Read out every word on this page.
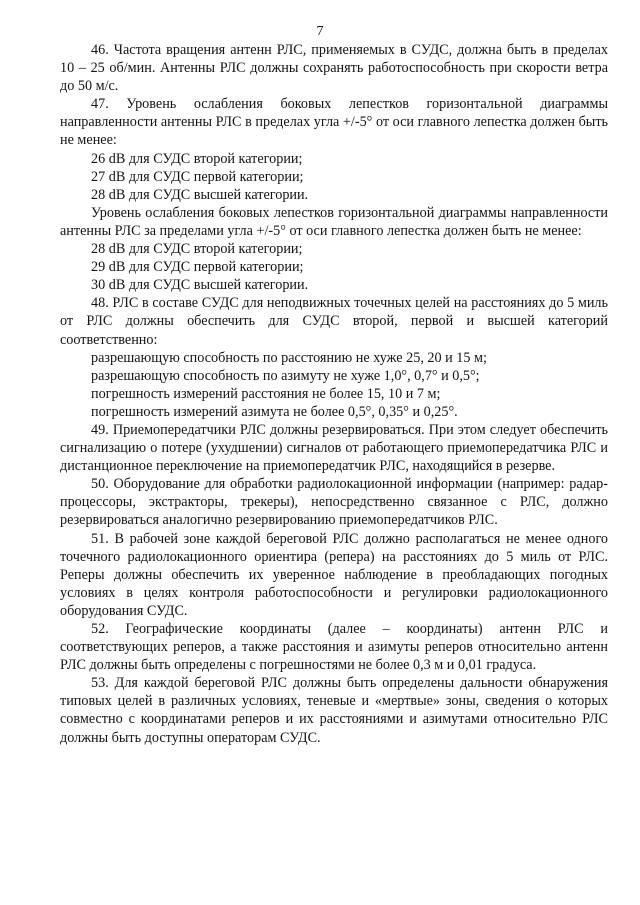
7

46. Частота вращения антенн РЛС, применяемых в СУДС, должна быть в пределах 10 – 25 об/мин. Антенны РЛС должны сохранять работоспособность при скорости ветра до 50 м/с.

47. Уровень ослабления боковых лепестков горизонтальной диаграммы направленности антенны РЛС в пределах угла +/-5° от оси главного лепестка должен быть не менее:

26 dB для СУДС второй категории;

27 dB для СУДС первой категории;

28 dB для СУДС высшей категории.

Уровень ослабления боковых лепестков горизонтальной диаграммы направленности антенны РЛС за пределами угла +/-5° от оси главного лепестка должен быть не менее:

28 dB для СУДС второй категории;

29 dB для СУДС первой категории;

30 dB для СУДС высшей категории.

48. РЛС в составе СУДС для неподвижных точечных целей на расстояниях до 5 миль от РЛС должны обеспечить для СУДС второй, первой и высшей категорий соответственно:

разрешающую способность по расстоянию не хуже 25, 20 и 15 м;

разрешающую способность по азимуту не хуже 1,0°, 0,7° и 0,5°;

погрешность измерений расстояния не более 15, 10 и 7 м;

погрешность измерений азимута не более 0,5°, 0,35° и 0,25°.

49. Приемопередатчики РЛС должны резервироваться. При этом следует обеспечить сигнализацию о потере (ухудшении) сигналов от работающего приемопередатчика РЛС и дистанционное переключение на приемопередатчик РЛС, находящийся в резерве.

50. Оборудование для обработки радиолокационной информации (например: радар-процессоры, экстракторы, трекеры), непосредственно связанное с РЛС, должно резервироваться аналогично резервированию приемопередатчиков РЛС.

51. В рабочей зоне каждой береговой РЛС должно располагаться не менее одного точечного радиолокационного ориентира (репера) на расстояниях до 5 миль от РЛС. Реперы должны обеспечить их уверенное наблюдение в преобладающих погодных условиях в целях контроля работоспособности и регулировки радиолокационного оборудования СУДС.

52. Географические координаты (далее – координаты) антенн РЛС и соответствующих реперов, а также расстояния и азимуты реперов относительно антенн РЛС должны быть определены с погрешностями не более 0,3 м и 0,01 градуса.

53. Для каждой береговой РЛС должны быть определены дальности обнаружения типовых целей в различных условиях, теневые и «мертвые» зоны, сведения о которых совместно с координатами реперов и их расстояниями и азимутами относительно РЛС должны быть доступны операторам СУДС.
